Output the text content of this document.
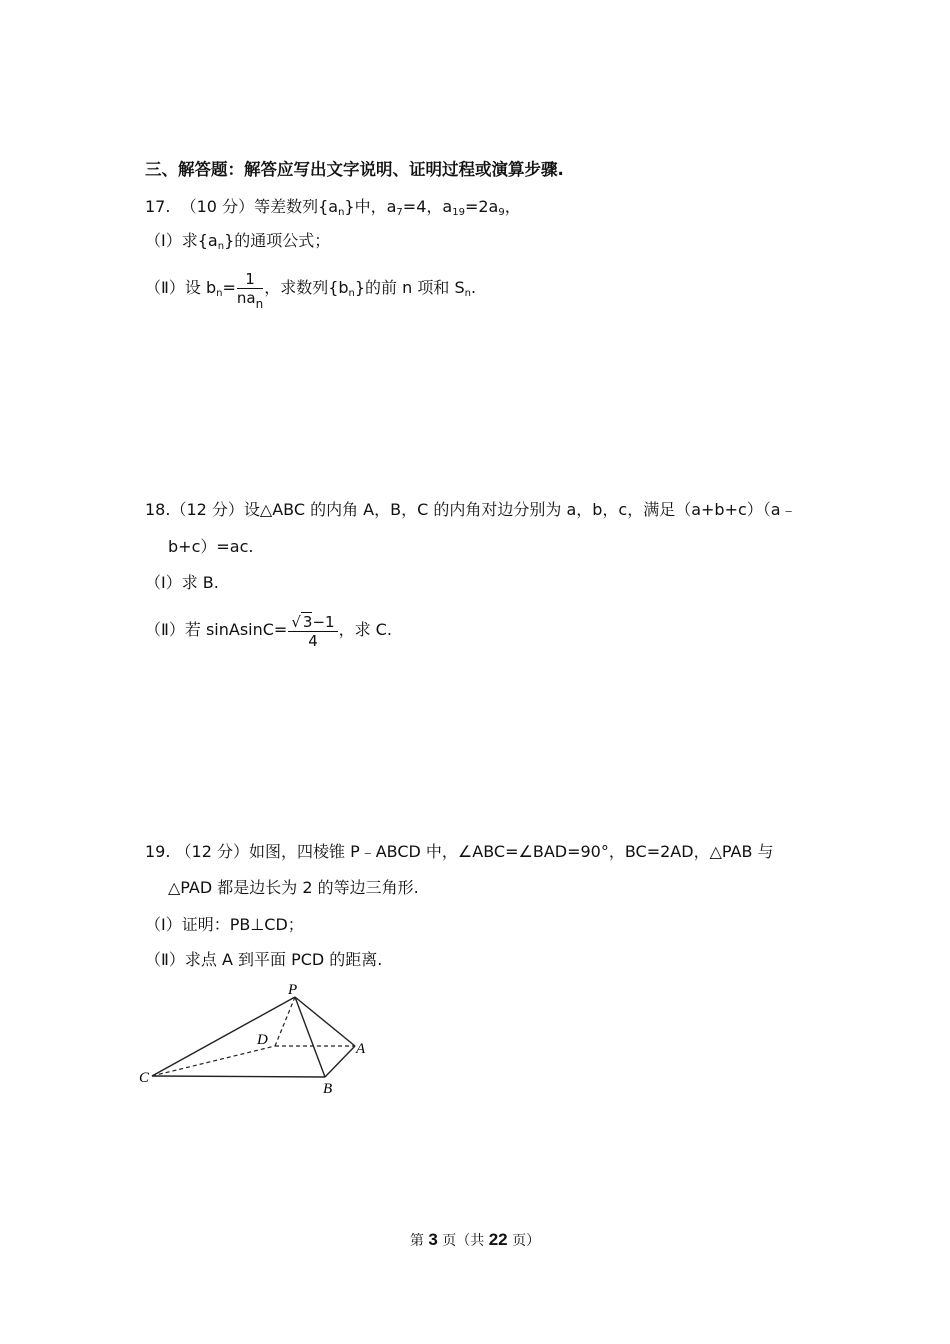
三、解答题：解答应写出文字说明、证明过程或演算步骤.
17. （10 分）等差数列$\{a_n\}$中，$a_7=4$，$a_{19}=2a_9$，
（Ⅰ）求$\{a_n\}$的通项公式；
（Ⅱ）设 $b_n= \frac{1}{na_n}$ ，求数列$\{b_n\}$的前 n 项和 $S_n$.
18.（12 分）设△ABC 的内角 A，B，C 的内角对边分别为 a，b，c，满足（a+b+c）（a﹣
b+c）=ac.
（Ⅰ）求 B.
（Ⅱ）若 sinAsinC= $\frac{√ 3-1}{4}$ ，求 C.
19. （12 分）如图，四棱锥 P﹣ABCD 中，∠ABC=∠BAD=90°，BC=2AD，△PAB 与
△PAD 都是边长为 2 的等边三角形.
（Ⅰ）证明：PB⊥CD；
（Ⅱ）求点 A 到平面 PCD 的距离.
P
D
A
C
B
第 3 页（共 22 页）
